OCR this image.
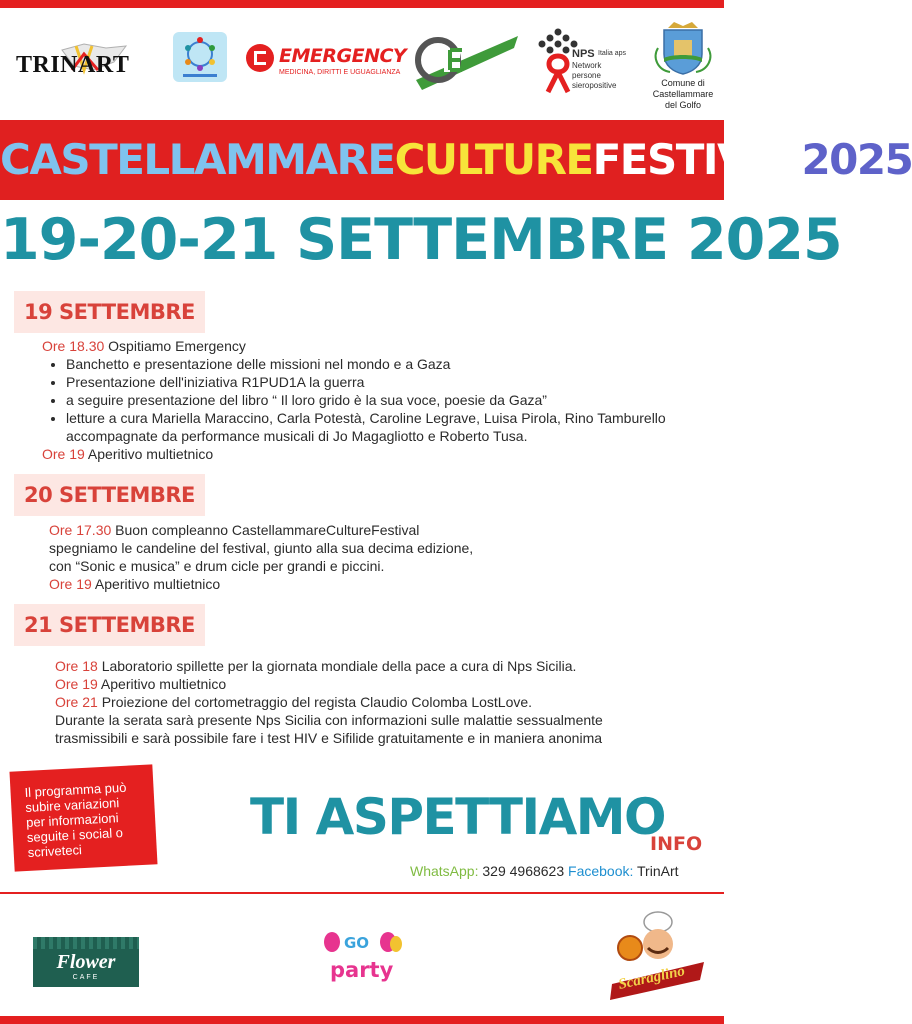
TRINART	EMERGENCY
MEDICINA, DIRITTI E UGUAGLIANZA
NPS Italia aps
Network
persone
sieropositive	Comune di
Castellammare
del Golfo
CASTELLAMMARECULTUREFESTIVAL2025
19-20-21 SETTEMBRE 2025
19 SETTEMBRE

Ore 18.30 Ospitiamo Emergency

• Banchetto e presentazione delle missioni nel mondo e a Gaza
• Presentazione dell'iniziativa R1PUD1A la guerra
• a seguire presentazione del libro “ Il loro grido è la sua voce, poesie da Gaza”
• letture a cura Mariella Maraccino, Carla Potestà, Caroline Legrave, Luisa Pirola, Rino Tamburello accompagnate da performance musicali di Jo Magagliotto e Roberto Tusa.

Ore 19 Aperitivo multietnico

20 SETTEMBRE

Ore 17.30 Buon compleanno CastellammareCultureFestival

spegniamo le candeline del festival, giunto alla sua decima edizione,

con “Sonic e musica” e drum cicle per grandi e piccini.

Ore 19 Aperitivo multietnico

21 SETTEMBRE

Ore 18 Laboratorio spillette per la giornata mondiale della pace a cura di Nps Sicilia.

Ore 19 Aperitivo multietnico

Ore 21 Proiezione del cortometraggio del regista Claudio Colomba LostLove.

Durante la serata sarà presente Nps Sicilia con informazioni sulle malattie sessualmente

trasmissibili e sarà possibile fare i test HIV e Sifilide gratuitamente e in maniera anonima

Il programma può
subire variazioni
per informazioni
seguite i social o
scriveteci
TI ASPETTIAMO
INFO
WhatsApp: 329 4968623 Facebook: TrinArt
Flower
CAFE
GO
party	Scaraglino
